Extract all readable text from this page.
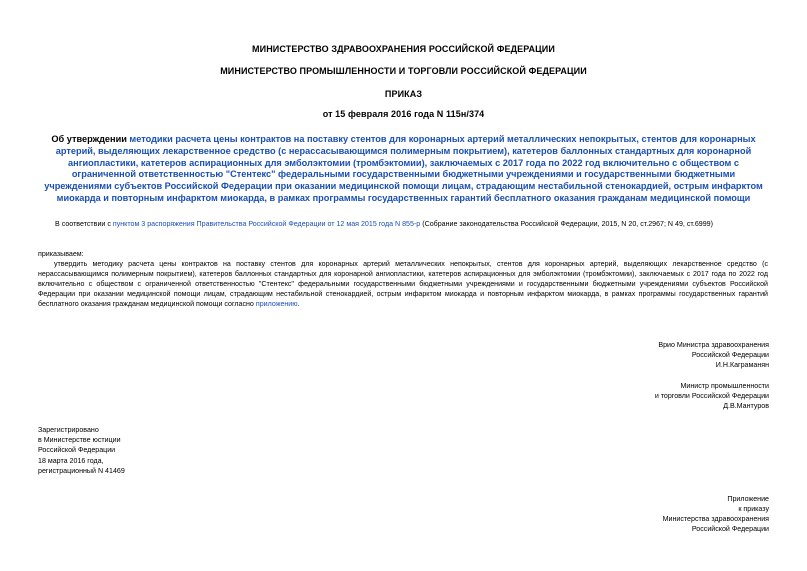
МИНИСТЕРСТВО ЗДРАВООХРАНЕНИЯ РОССИЙСКОЙ ФЕДЕРАЦИИ
МИНИСТЕРСТВО ПРОМЫШЛЕННОСТИ И ТОРГОВЛИ РОССИЙСКОЙ ФЕДЕРАЦИИ
ПРИКАЗ
от 15 февраля 2016 года N 115н/374
Об утверждении методики расчета цены контрактов на поставку стентов для коронарных артерий металлических непокрытых, стентов для коронарных артерий, выделяющих лекарственное средство (с нерассасывающимся полимерным покрытием), катетеров баллонных стандартных для коронарной ангиопластики, катетеров аспирационных для эмболэктомии (тромбэктомии), заключаемых с 2017 года по 2022 год включительно с обществом с ограниченной ответственностью "Стентекс" федеральными государственными бюджетными учреждениями и государственными бюджетными учреждениями субъектов Российской Федерации при оказании медицинской помощи лицам, страдающим нестабильной стенокардией, острым инфарктом миокарда и повторным инфарктом миокарда, в рамках программы государственных гарантий бесплатного оказания гражданам медицинской помощи
В соответствии с пунктом 3 распоряжения Правительства Российской Федерации от 12 мая 2015 года N 855-р (Собрание законодательства Российской Федерации, 2015, N 20, ст.2967; N 49, ст.6999)
приказываем:
утвердить методику расчета цены контрактов на поставку стентов для коронарных артерий металлических непокрытых, стентов для коронарных артерий, выделяющих лекарственное средство (с нерассасывающимся полимерным покрытием), катетеров баллонных стандартных для коронарной ангиопластики, катетеров аспирационных для эмболэктомии (тромбэктомии), заключаемых с 2017 года по 2022 год включительно с обществом с ограниченной ответственностью "Стентекс" федеральными государственными бюджетными учреждениями и государственными бюджетными учреждениями субъектов Российской Федерации при оказании медицинской помощи лицам, страдающим нестабильной стенокардией, острым инфарктом миокарда и повторным инфарктом миокарда, в рамках программы государственных гарантий бесплатного оказания гражданам медицинской помощи согласно приложению.
Врио Министра здравоохранения
Российской Федерации
И.Н.Каграманян
Министр промышленности
и торговли Российской Федерации
Д.В.Мантуров
Зарегистрировано
в Министерстве юстиции
Российской Федерации
18 марта 2016 года,
регистрационный N 41469
Приложение
к приказу
Министерства здравоохранения
Российской Федерации
